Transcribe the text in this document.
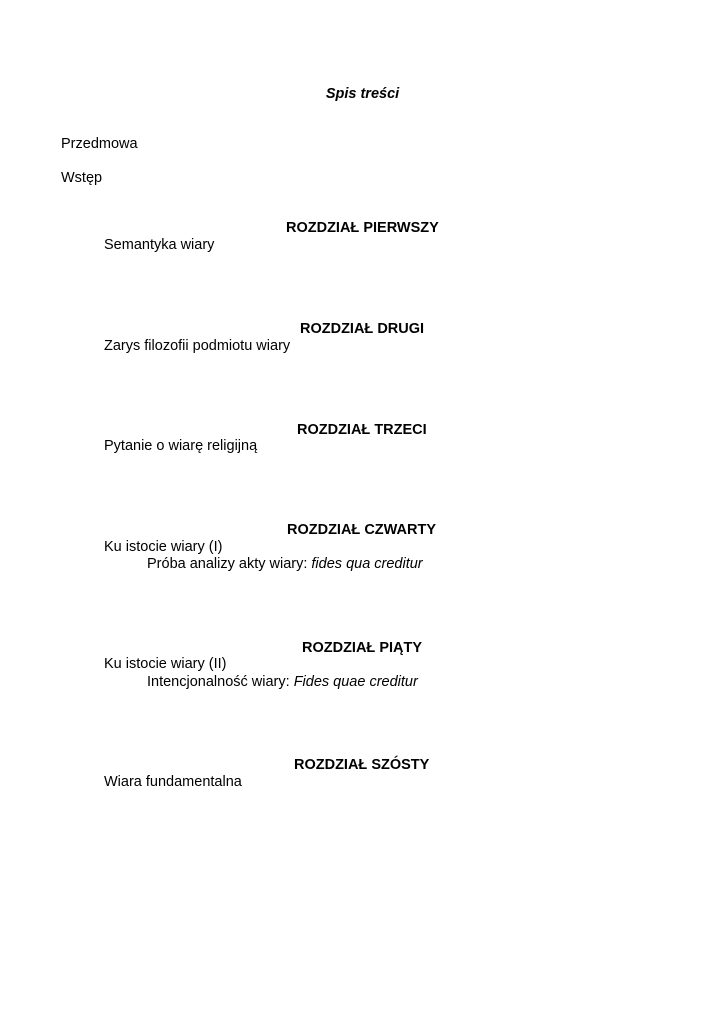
Spis treści
Przedmowa
Wstęp
ROZDZIAŁ PIERWSZY
Semantyka wiary
ROZDZIAŁ DRUGI
Zarys filozofii podmiotu wiary
ROZDZIAŁ TRZECI
Pytanie o wiarę religijną
ROZDZIAŁ CZWARTY
Ku istocie wiary (I)
Próba analizy akty wiary: fides qua creditur
ROZDZIAŁ PIĄTY
Ku istocie wiary (II)
Intencjonalność wiary: Fides quae creditur
ROZDZIAŁ SZÓSTY
Wiara fundamentalna
